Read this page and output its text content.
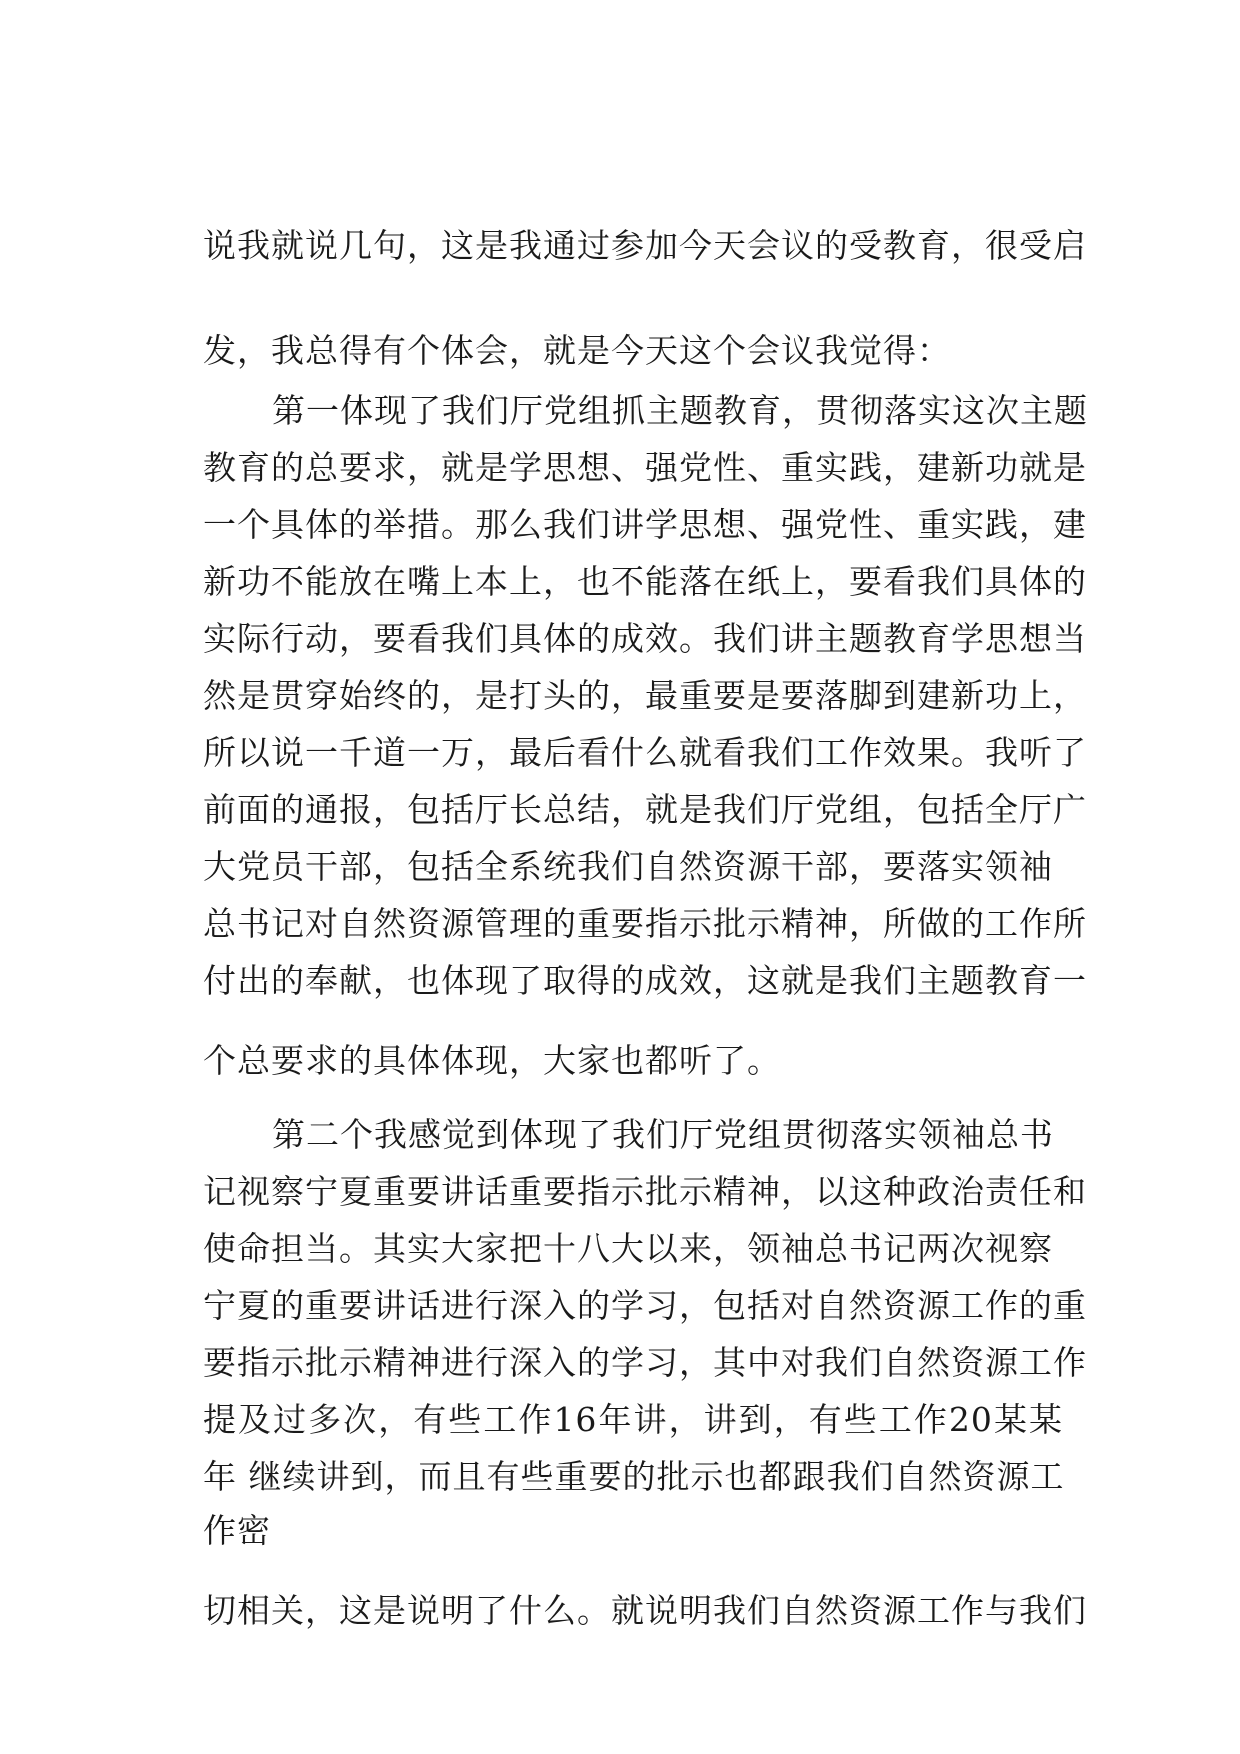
说我就说几句，这是我通过参加今天会议的受教育，很受启
发，我总得有个体会，就是今天这个会议我觉得：
第一体现了我们厅党组抓主题教育，贯彻落实这次主题
教育的总要求，就是学思想、强党性、重实践，建新功就是
一个具体的举措。那么我们讲学思想、强党性、重实践，建
新功不能放在嘴上本上，也不能落在纸上，要看我们具体的
实际行动，要看我们具体的成效。我们讲主题教育学思想当
然是贯穿始终的，是打头的，最重要是要落脚到建新功上，
所以说一千道一万，最后看什么就看我们工作效果。我听了
前面的通报，包括厅长总结，就是我们厅党组，包括全厅广
大党员干部，包括全系统我们自然资源干部，要落实领袖
总书记对自然资源管理的重要指示批示精神，所做的工作所
付出的奉献，也体现了取得的成效，这就是我们主题教育一
个总要求的具体体现，大家也都听了。
第二个我感觉到体现了我们厅党组贯彻落实领袖总书
记视察宁夏重要讲话重要指示批示精神，以这种政治责任和
使命担当。其实大家把十八大以来，领袖总书记两次视察
宁夏的重要讲话进行深入的学习，包括对自然资源工作的重
要指示批示精神进行深入的学习，其中对我们自然资源工作
提及过多次，有些工作16年讲，讲到，有些工作20某某
年 继续讲到，而且有些重要的批示也都跟我们自然资源工
作密
切相关，这是说明了什么。就说明我们自然资源工作与我们
